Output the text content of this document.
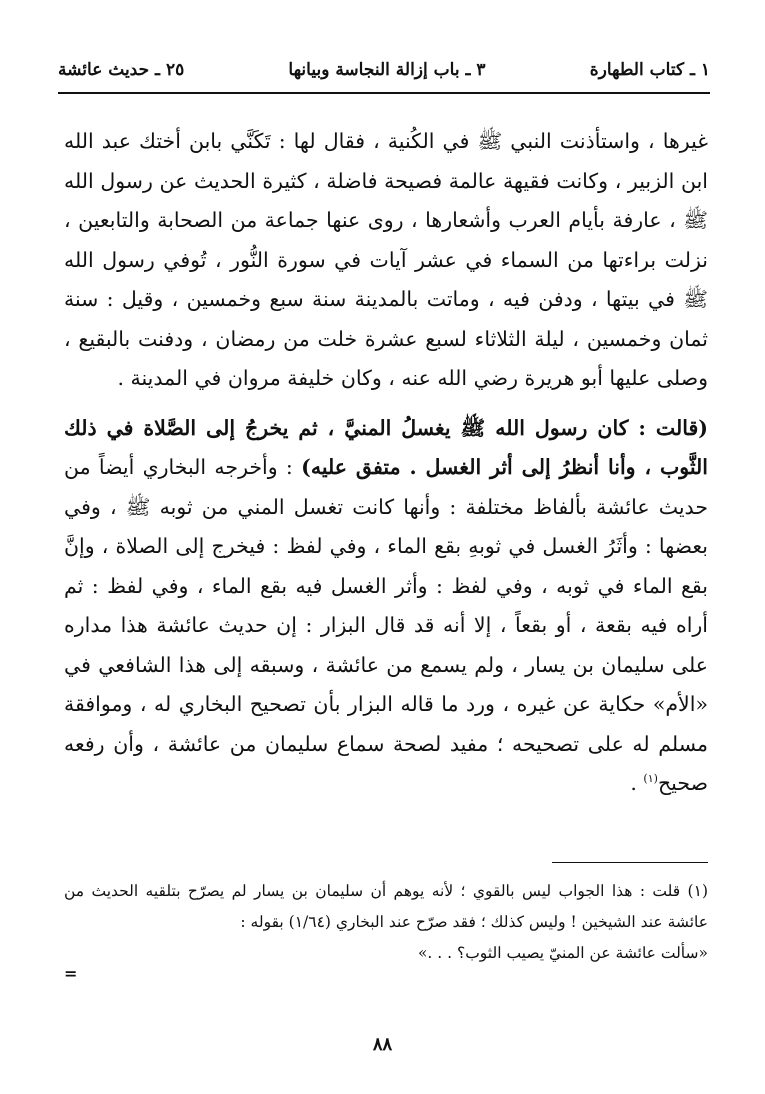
١ ـ كتاب الطهارة
٣ ـ باب إزالة النجاسة وبيانها
٢٥ ـ حديث عائشة

غيرها ، واستأذنت النبي ﷺ في الكُنية ، فقال لها : تَكَنَّي بابن أختك عبد الله ابن الزبير ، وكانت فقيهة عالمة فصيحة فاضلة ، كثيرة الحديث عن رسول الله ﷺ ، عارفة بأيام العرب وأشعارها ، روى عنها جماعة من الصحابة والتابعين ، نزلت براءتها من السماء في عشر آيات في سورة النُّور ، تُوفي رسول الله ﷺ في بيتها ، ودفن فيه ، وماتت بالمدينة سنة سبع وخمسين ، وقيل : سنة ثمان وخمسين ، ليلة الثلاثاء لسبع عشرة خلت من رمضان ، ودفنت بالبقيع ، وصلى عليها أبو هريرة رضي الله عنه ، وكان خليفة مروان في المدينة .

(قالت : كان رسول الله ﷺ يغسلُ المنيَّ ، ثم يخرجُ إلى الصَّلاة في ذلك الثَّوب ، وأنا أنظرُ إلى أثر الغسل . متفق عليه) : وأخرجه البخاري أيضاً من حديث عائشة بألفاظ مختلفة : وأنها كانت تغسل المني من ثوبه ﷺ ، وفي بعضها : وأثَرُ الغسل في ثوبهِ بقع الماء ، وفي لفظ : فيخرج إلى الصلاة ، وإنَّ بقع الماء في ثوبه ، وفي لفظ : وأثر الغسل فيه بقع الماء ، وفي لفظ : ثم أراه فيه بقعة ، أو بقعاً ، إلا أنه قد قال البزار : إن حديث عائشة هذا مداره على سليمان بن يسار ، ولم يسمع من عائشة ، وسبقه إلى هذا الشافعي في «الأم» حكاية عن غيره ، ورد ما قاله البزار بأن تصحيح البخاري له ، وموافقة مسلم له على تصحيحه ؛ مفيد لصحة سماع سليمان من عائشة ، وأن رفعه صحيح$^{(١)}$ .

(١) قلت : هذا الجواب ليس بالقوي ؛ لأنه يوهم أن سليمان بن يسار لم يصرّح بتلقيه الحديث من عائشة عند الشيخين ! وليس كذلك ؛ فقد صرّح عند البخاري (١/٦٤) بقوله :

«سألت عائشة عن المنيّ يصيب الثوب؟ . . .»

=
٨٨
